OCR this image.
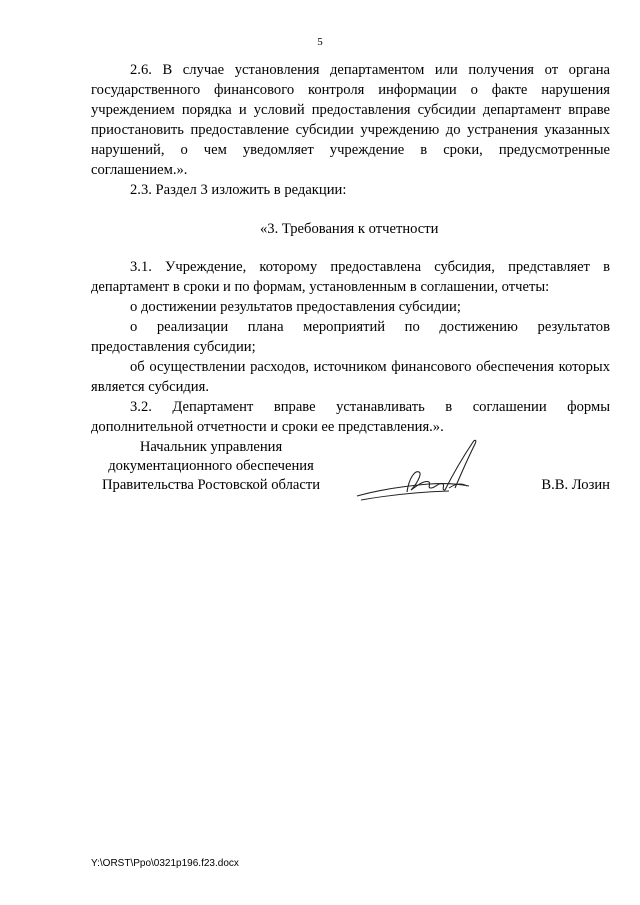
5

2.6. В случае установления департаментом или получения от органа государственного финансового контроля информации о факте нарушения учреждением порядка и условий предоставления субсидии департамент вправе приостановить предоставление субсидии учреждению до устранения указанных нарушений, о чем уведомляет учреждение в сроки, предусмотренные соглашением.».

2.3. Раздел 3 изложить в редакции:

«3. Требования к отчетности

3.1. Учреждение, которому предоставлена субсидия, представляет в департамент в сроки и по формам, установленным в соглашении, отчеты:

о достижении результатов предоставления субсидии;

о реализации плана мероприятий по достижению результатов предоставления субсидии;

об осуществлении расходов, источником финансового обеспечения которых является субсидия.

3.2. Департамент вправе устанавливать в соглашении формы дополнительной отчетности и сроки ее представления.».

Начальник управления
документационного обеспечения
Правительства Ростовской области	В.В. Лозин
Y:\ORST\Ppo\0321p196.f23.docx
